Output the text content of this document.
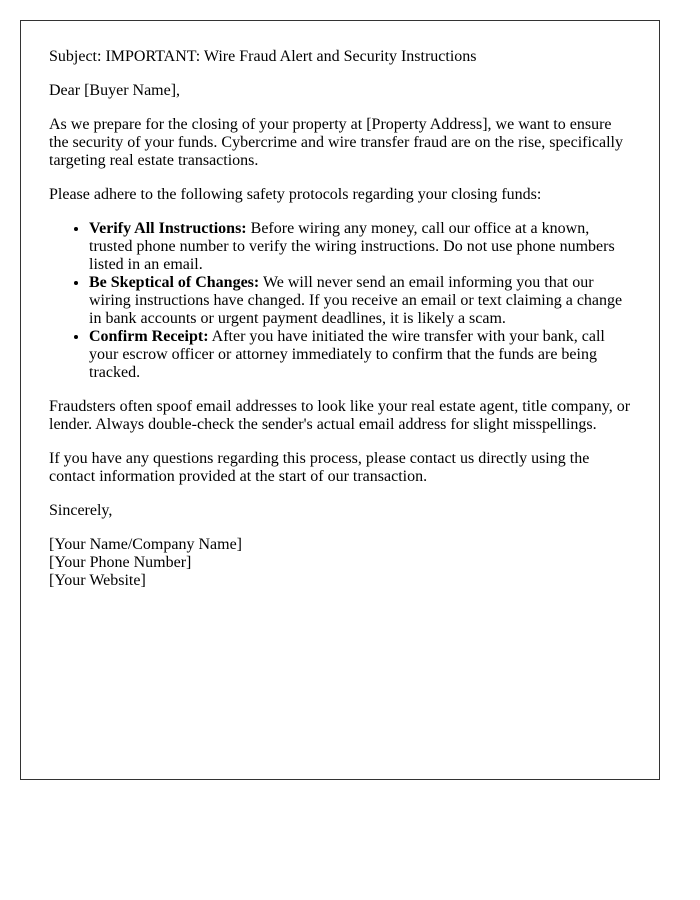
Subject: IMPORTANT: Wire Fraud Alert and Security Instructions

Dear [Buyer Name],

As we prepare for the closing of your property at [Property Address], we want to ensure the security of your funds. Cybercrime and wire transfer fraud are on the rise, specifically targeting real estate transactions.

Please adhere to the following safety protocols regarding your closing funds:

• Verify All Instructions: Before wiring any money, call our office at a known, trusted phone number to verify the wiring instructions. Do not use phone numbers listed in an email.
• Be Skeptical of Changes: We will never send an email informing you that our wiring instructions have changed. If you receive an email or text claiming a change in bank accounts or urgent payment deadlines, it is likely a scam.
• Confirm Receipt: After you have initiated the wire transfer with your bank, call your escrow officer or attorney immediately to confirm that the funds are being tracked.

Fraudsters often spoof email addresses to look like your real estate agent, title company, or lender. Always double-check the sender's actual email address for slight misspellings.

If you have any questions regarding this process, please contact us directly using the contact information provided at the start of our transaction.

Sincerely,

[Your Name/Company Name]

[Your Phone Number]

[Your Website]
